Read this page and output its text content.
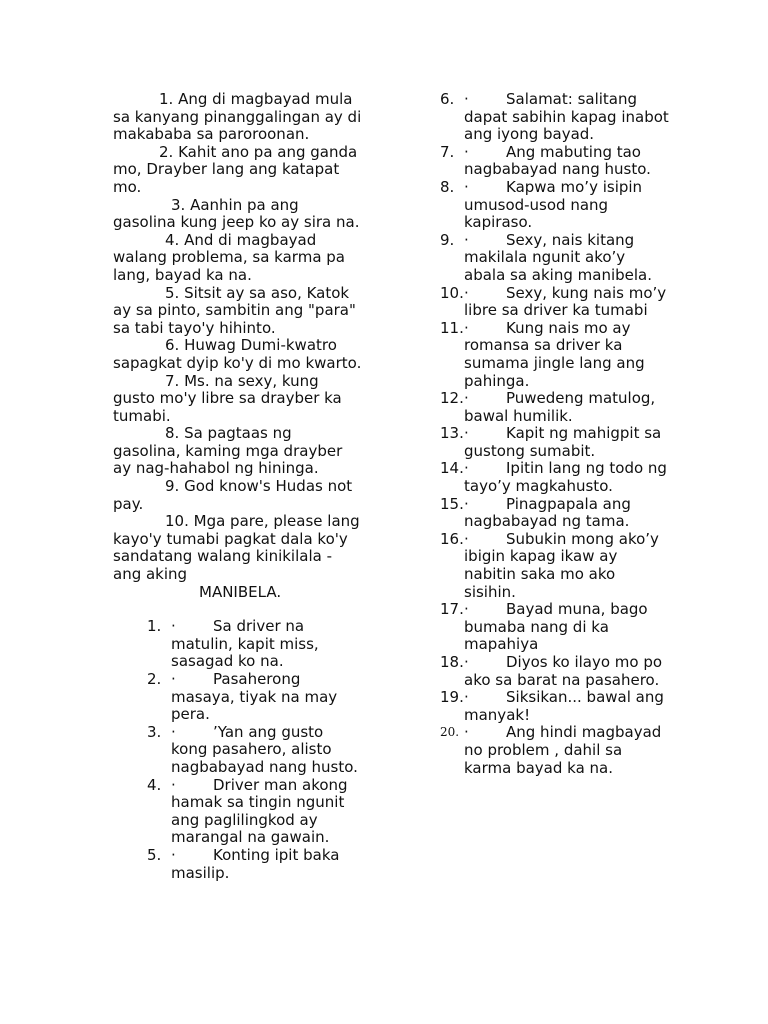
1. Ang di magbayad mula sa kanyang pinanggalingan ay di makababa sa paroroonan.

2. Kahit ano pa ang ganda mo, Drayber lang ang katapat mo.

3. Aanhin pa ang gasolina kung jeep ko ay sira na.

4. And di magbayad walang problema, sa karma pa lang, bayad ka na.

5. Sitsit ay sa aso, Katok ay sa pinto, sambitin ang "para" sa tabi tayo'y hihinto.

6. Huwag Dumi-kwatro sapagkat dyip ko'y di mo kwarto.

7. Ms. na sexy, kung gusto mo'y libre sa drayber ka tumabi.

8. Sa pagtaas ng gasolina, kaming mga drayber ay nag-hahabol ng hininga.

9. God know's Hudas not pay.

10. Mga pare, please lang kayo'y tumabi pagkat dala ko'y sandatang walang kinikilala - ang aking

MANIBELA.

1. · Sa driver na matulin, kapit miss, sasagad ko na.
2. · Pasaherong masaya, tiyak na may pera.
3. · ’Yan ang gusto kong pasahero, alisto nagbabayad nang husto.
4. · Driver man akong hamak sa tingin ngunit ang paglilingkod ay marangal na gawain.
5. · Konting ipit baka masilip.
6. · Salamat: salitang dapat sabihin kapag inabot ang iyong bayad.
7. · Ang mabuting tao nagbabayad nang husto.
8. · Kapwa mo’y isipin umusod-usod nang kapiraso.
9. · Sexy, nais kitang makilala ngunit ako’y abala sa aking manibela.
10. · Sexy, kung nais mo’y libre sa driver ka tumabi
11. · Kung nais mo ay romansa sa driver ka sumama jingle lang ang pahinga.
12. · Puwedeng matulog, bawal humilik.
13. · Kapit ng mahigpit sa gustong sumabit.
14. · Ipitin lang ng todo ng tayo’y magkahusto.
15. · Pinagpapala ang nagbabayad ng tama.
16. · Subukin mong ako’y ibigin kapag ikaw ay nabitin saka mo ako sisihin.
17. · Bayad muna, bago bumaba nang di ka mapahiya
18. · Diyos ko ilayo mo po ako sa barat na pasahero.
19. · Siksikan... bawal ang manyak!
20. · Ang hindi magbayad no problem , dahil sa karma bayad ka na.
